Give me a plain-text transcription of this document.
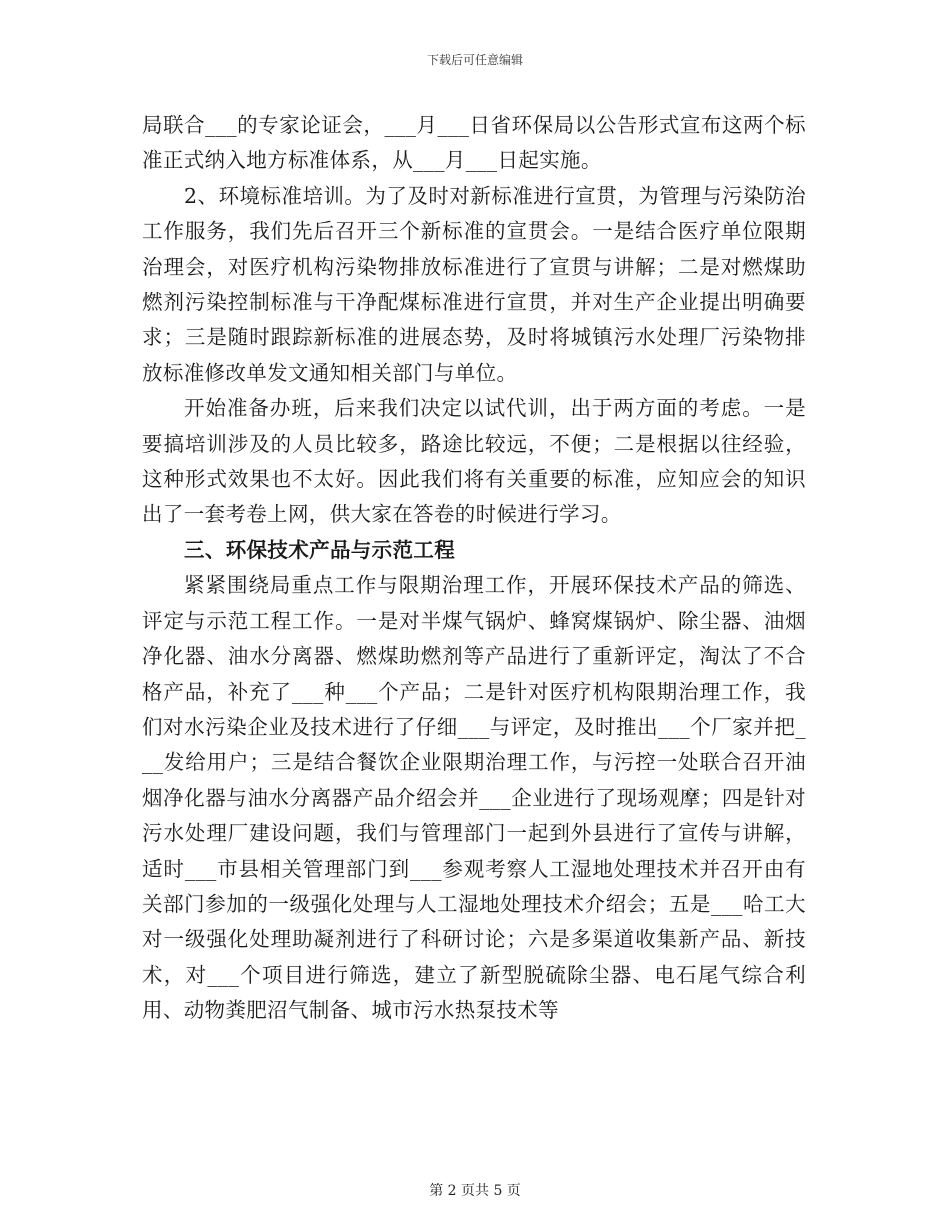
下载后可任意编辑

局联合___的专家论证会，___月___日省环保局以公告形式宣布这两个标准正式纳入地方标准体系，从___月___日起实施。

2、环境标准培训。为了及时对新标准进行宣贯，为管理与污染防治工作服务，我们先后召开三个新标准的宣贯会。一是结合医疗单位限期治理会，对医疗机构污染物排放标准进行了宣贯与讲解；二是对燃煤助燃剂污染控制标准与干净配煤标准进行宣贯，并对生产企业提出明确要求；三是随时跟踪新标准的进展态势，及时将城镇污水处理厂污染物排放标准修改单发文通知相关部门与单位。

开始准备办班，后来我们决定以试代训，出于两方面的考虑。一是要搞培训涉及的人员比较多，路途比较远，不便；二是根据以往经验，这种形式效果也不太好。因此我们将有关重要的标准，应知应会的知识出了一套考卷上网，供大家在答卷的时候进行学习。

三、环保技术产品与示范工程

紧紧围绕局重点工作与限期治理工作，开展环保技术产品的筛选、评定与示范工程工作。一是对半煤气锅炉、蜂窝煤锅炉、除尘器、油烟净化器、油水分离器、燃煤助燃剂等产品进行了重新评定，淘汰了不合格产品，补充了___种___个产品；二是针对医疗机构限期治理工作，我们对水污染企业及技术进行了仔细___与评定，及时推出___个厂家并把___发给用户；三是结合餐饮企业限期治理工作，与污控一处联合召开油烟净化器与油水分离器产品介绍会并___企业进行了现场观摩；四是针对污水处理厂建设问题，我们与管理部门一起到外县进行了宣传与讲解，适时___市县相关管理部门到___参观考察人工湿地处理技术并召开由有关部门参加的一级强化处理与人工湿地处理技术介绍会；五是___哈工大对一级强化处理助凝剂进行了科研讨论；六是多渠道收集新产品、新技术，对___个项目进行筛选，建立了新型脱硫除尘器、电石尾气综合利用、动物粪肥沼气制备、城市污水热泵技术等

第 2 页共 5 页
